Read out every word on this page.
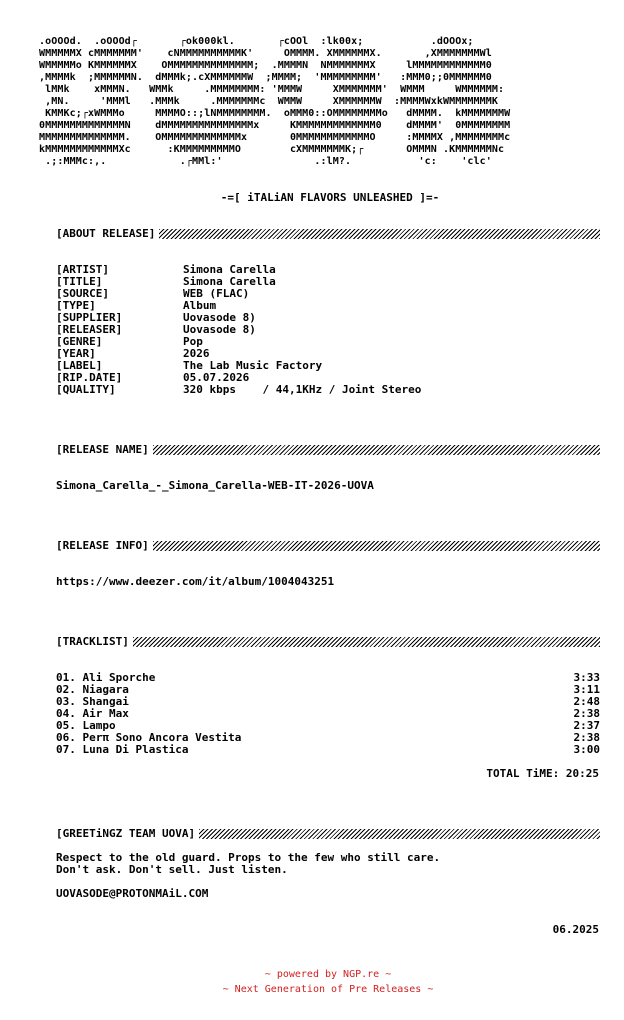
.oOOOd.  .oOOOd┌       ┌ok000kl.       ┌cOOl  :lk00x;           .dOOOx;
WMMMMMX cMMMMMMM'    cNMMMMMMMMMMK'     OMMMM. XMMMMMMX.       ,XMMMMMMMWl
WMMMMMo KMMMMMMX    OMMMMMMMMMMMMMM;  .MMMMN  NMMMMMMMX     lMMMMMMMMMMMM0
,MMMMk  ;MMMMMMN.  dMMMk;.cXMMMMMMW  ;MMMM;  'MMMMMMMMM'   :MMM0;;0MMMMMM0
lMMk    xMMMN.   WMMk     .MMMMMMMM: 'MMMW     XMMMMMMM'  WMMM     WMMMMMM:
,MN.     'MMMl   .MMMk     .MMMMMMMc  WMMW     XMMMMMMW  :MMMMWxkWMMMMMMMK
KMMKc;┌xWMMMo     MMMMO::;lNMMMMMMMM.  oMMM0::OMMMMMMMMo   dMMMM.  kMMMMMMMW
0MMMMMMMMMMMMMN    dMMMMMMMMMMMMMMMx     KMMMMMMMMMMMMM0    dMMMM'  0MMMMMMMM
MMMMMMMMMMMMMM.    OMMMMMMMMMMMMMx       0MMMMMMMMMMMMO     :MMMMX ,MMMMMMMMc
kMMMMMMMMMMMMXc      :KMMMMMMMMMO        cXMMMMMMMK;┌       OMMMN .KMMMMMMNc
.;:MMMc:,.            .┌MMl:'               .:lM?.           'c:    'clc'
-=[ iTALiAN FLAVORS UNLEASHED ]=-
[ABOUT RELEASE]
[ARTIST]	Simona Carella
[TITLE]	Simona Carella
[SOURCE]	WEB (FLAC)
[TYPE]	Album
[SUPPLIER]	Uovasode 8)
[RELEASER]	Uovasode 8)
[GENRE]	Pop
[YEAR]	2026
[LABEL]	The Lab Music Factory
[RIP.DATE]	05.07.2026
[QUALITY]	320 kbps    / 44,1KHz / Joint Stereo
[RELEASE NAME]
Simona_Carella_-_Simona_Carella-WEB-IT-2026-UOVA
[RELEASE INFO]
https://www.deezer.com/it/album/1004043251
[TRACKLIST]
01. Ali Sporche	3:33
02. Niagara	3:11
03. Shangai	2:48
04. Air Max	2:38
05. Lampo	2:37
06. Perπ Sono Ancora Vestita	2:38
07. Luna Di Plastica	3:00
TOTAL TiME: 20:25
[GREETiNGZ TEAM UOVA]
Respect to the old guard. Props to the few who still care.
Don't ask. Don't sell. Just listen.
UOVASODE@PROTONMAiL.COM
06.2025
~ powered by NGP.re ~
~ Next Generation of Pre Releases ~
